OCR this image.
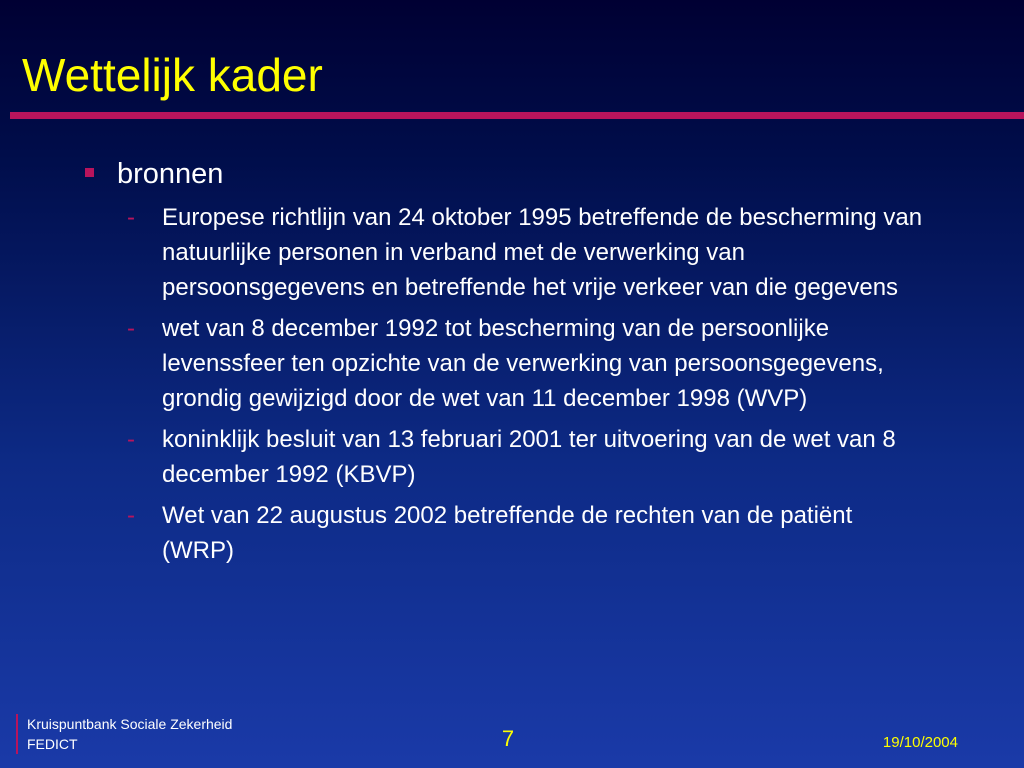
Wettelijk kader
bronnen
- Europese richtlijn van 24 oktober 1995 betreffende de bescherming van natuurlijke personen in verband met de verwerking van persoonsgegevens en betreffende het vrije verkeer van die gegevens
- wet van 8 december 1992 tot bescherming van de persoonlijke levenssfeer ten opzichte van de verwerking van persoonsgegevens, grondig gewijzigd door de wet van 11 december 1998 (WVP)
- koninklijk besluit van 13 februari 2001 ter uitvoering van de wet van 8 december 1992 (KBVP)
- Wet van 22 augustus 2002 betreffende de rechten van de patiënt (WRP)
Kruispuntbank Sociale Zekerheid
FEDICT	7	19/10/2004
